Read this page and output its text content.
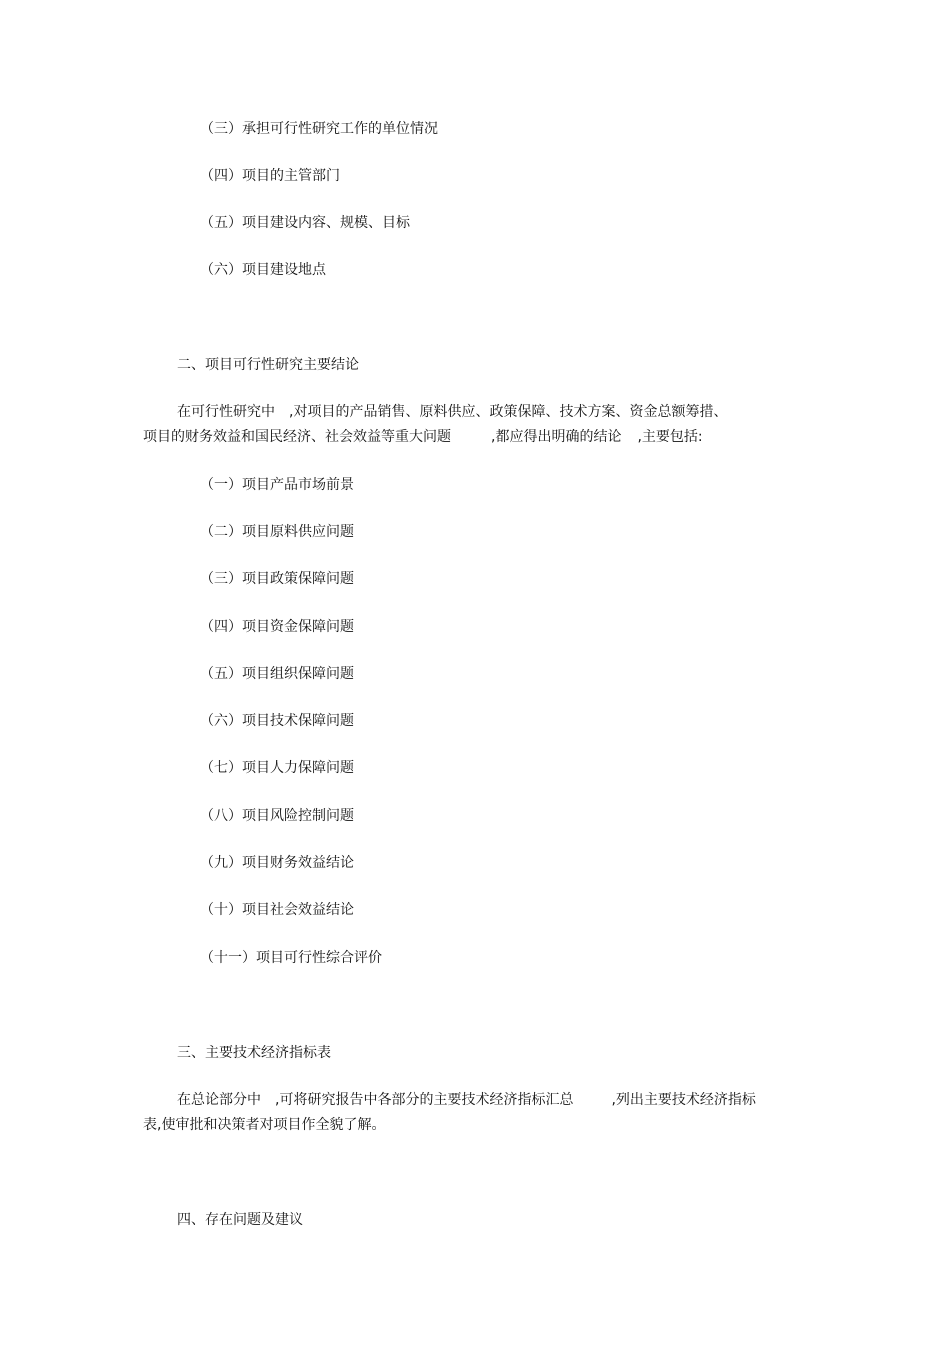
（三）承担可行性研究工作的单位情况
（四）项目的主管部门
（五）项目建设内容、规模、目标
（六）项目建设地点
二、项目可行性研究主要结论
在可行性研究中 ,对项目的产品销售、原料供应、政策保障、技术方案、资金总额筹措、
项目的财务效益和国民经济、社会效益等重大问题	,都应得出明确的结论 ,主要包括:
（一）项目产品市场前景
（二）项目原料供应问题
（三）项目政策保障问题
（四）项目资金保障问题
（五）项目组织保障问题
（六）项目技术保障问题
（七）项目人力保障问题
（八）项目风险控制问题
（九）项目财务效益结论
（十）项目社会效益结论
（十一）项目可行性综合评价
三、主要技术经济指标表
在总论部分中 ,可将研究报告中各部分的主要技术经济指标汇总	,列出主要技术经济指标
表,使审批和决策者对项目作全貌了解。
四、存在问题及建议
